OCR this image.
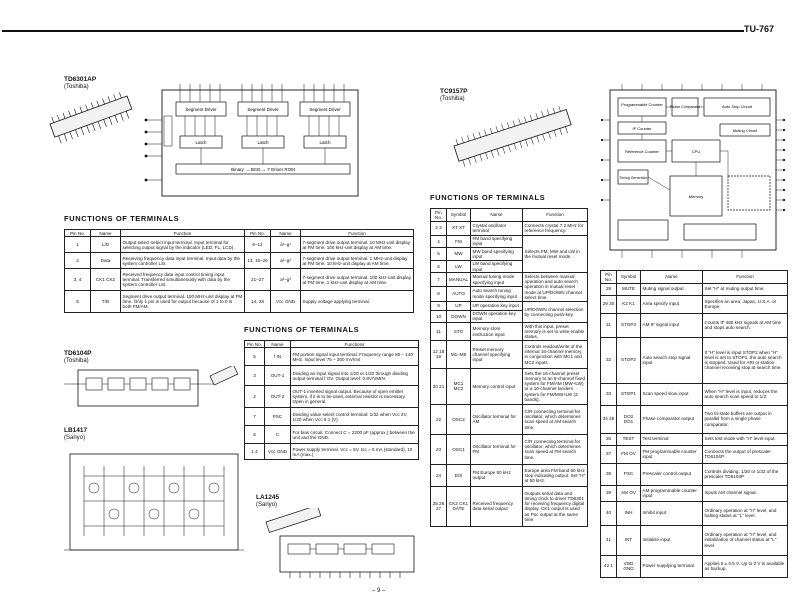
TU-767
TD6301AP
(Toshiba)
Segment Driver	Segment Driver	Segment Driver
Latch	Latch	Latch
Binary → BCD → 7 Driver ROM
FUNCTIONS OF TERMINALS
Pin No.	Name	Function	Pin No.	Name	Function
1	L/D	Output select select input terminal. Input terminal for selecting output signal by the indicator (LED, FL, LCD).	6–12	a¹–g¹	7-segment drive output terminal. 10 MHz-unit display at FM time. 100 kHz-unit display at AM time.
2	Data	Receiving frequency data input terminal. Input data by the system controller LSI.	13, 15–20	a²–g²	7-segment drive output terminal. 1 MHz-unit display at FM time. 10 kHz-unit display at AM time.
3, 4	CK1 CK2	Received frequency data input control timing input terminal. Transferred simultaneously with data by the system controller LSI.	21–27	a³–g³	7-segment drive output terminal. 100 kHz-unit display at FM time. 1 kHz-unit display at AM time.
5	T/D	Segment drive output terminal. 100 MHz-unit display at FM time. Only 1 pin is used for output because of 1 to 0 in both FM/AM.	14, 28	Vcc GND	Supply voltage applying terminal.
TD6104P
(Toshiba)
LB1417
(Sanyo)
FUNCTIONS OF TERMINALS
Pin No.	Name	Functions
5	f IN	FM portion signal input terminal. Frequency range 80 – 140 MHz. Input level 75 – 300 mVrms
3	OUT-1	Dividing an input signal into 1/20 or 1/32 through dividing output terminal f OV. Output level: 0.8V/VMIN
2	OUT-2	OUT-1 inverted signal output. Because of open emitter system, if it is to be used, external resistor is necessary. Open in general.
7	PSC	Dividing value select control terminal: 1/32 when Vcc 2V, 1/20 when Vcc 5.1 (V)
6	C	For bias circuit. Connect C = 2200 pF (approx.) between the unit and the GND.
1 4	Vcc GND	Power supply terminal. Vcc = 5V. Icc = 5 mA (standard), 10 mA (max.)
LA1245
(Sanyo)
– 9 –
TC9157P
(Toshiba)
Programmable Counter Phase Comparator	Auto Stop Circuit
IF Counter	Muting Circuit
Reference Counter	CPU
Timing Generator
Memory
FUNCTIONS OF TERMINALS
Pin No.	Symbol	Name	Function
2 3	XT XT	Crystal oscillator terminal	Connects crystal 7.2 MHz for reference frequency.
4	FM	FM band specifying input	Selects FM, MW and LW in the mutual reset mode.
5	MW	MW band specifying input	
6	LW	LW band specifying input	
7	MANUAL	Manual tuning mode specifying input	Selects between manual operation and auto search operation in mutual reset mode at UP/DOWN channel select time.
8	AUTO	Auto search tuning mode specifying input	
9	UP	UP operation key input	UP/DOWN channel selection by connecting push-key.
10	DOWN	DOWN operation key input	
11	STO	Memory store instruction input	With this input, preset memory is set to write enable status.
12 18 19	M1–M8	Preset memory channel specifying input	Controls readout/write of the internal 16-channel memory in conjunction with MC1 and MC2 inputs.
20 21	MC1 MC2	Memory control input	Sets the 16-channel preset memory to an 8-channel fixed system for FM/AM (MW+LW) or a 16-channel tandem system for FM/MW+LW (3 bands).
22	OSC2	Oscillator terminal for AM	C/R connecting terminal for oscillator, which determines scan speed at AM search time.
23	OSC1	Oscillator terminal for FM	C/R connecting terminal for oscillator, which determines scan speed at FM search time.
24	D/S	FM Europe 50 kHz output	Europe area FM band 50 kHz step indicating output. Set "H" at 50 kHz.
25 26 27	CK2 CK1 DATE	Received frequency data serial output	Outputs serial data and timing clock to driver TD6301 for receiving frequency digital display. CK1 output is used as Poc output at the same time.
Pin No.	Symbol	Name	Function
28	MUTE	Muting signal output	Set "H" at muting output time.
29 30	K2 K1	Area specify input	Specifies an area, Japan, U.S.A. or Europe.
31	STOP3	AM IF signal input	Counts IF 460 kHz signals at AM time and stops auto search.
32	STOP2	Auto search stop signal input	If "H" level is input STOP2 when "H" level is set to STOP1, the auto search is stopped. Used for ARI or station channel receiving stop at search time.
33	STOP1	Scan speed slow input	When "H" level is input, reduces the auto search scan speed to 1/2.
34 35	DO2 DO1	Phase comparator output	Two tri-state buffers are output in parallel from a single phase comparator.
36	TEST	Test terminal	Sets test mode with "H" level input.
37	FM OV	FM programmable counter input	Connects the output of prescaler TD6104P.
38	PSC	Prescaler control output	Controls dividing, 1/20 or 1/32 of the prescaler TD6104P.
39	AM OV	AM programmable counter input	Inputs AM channel signal.
40	INH	Inhibit input	Ordinary operation at "H" level, and halting status at "L" level.
41	INT	Initialize input	Ordinary operation at "H" level, and initialization of channel status at "L" level.
42 1	VDD GND	Power supplying terminal	Applies 5 ± 0.5 V. Up to 2 V is available as backup.
